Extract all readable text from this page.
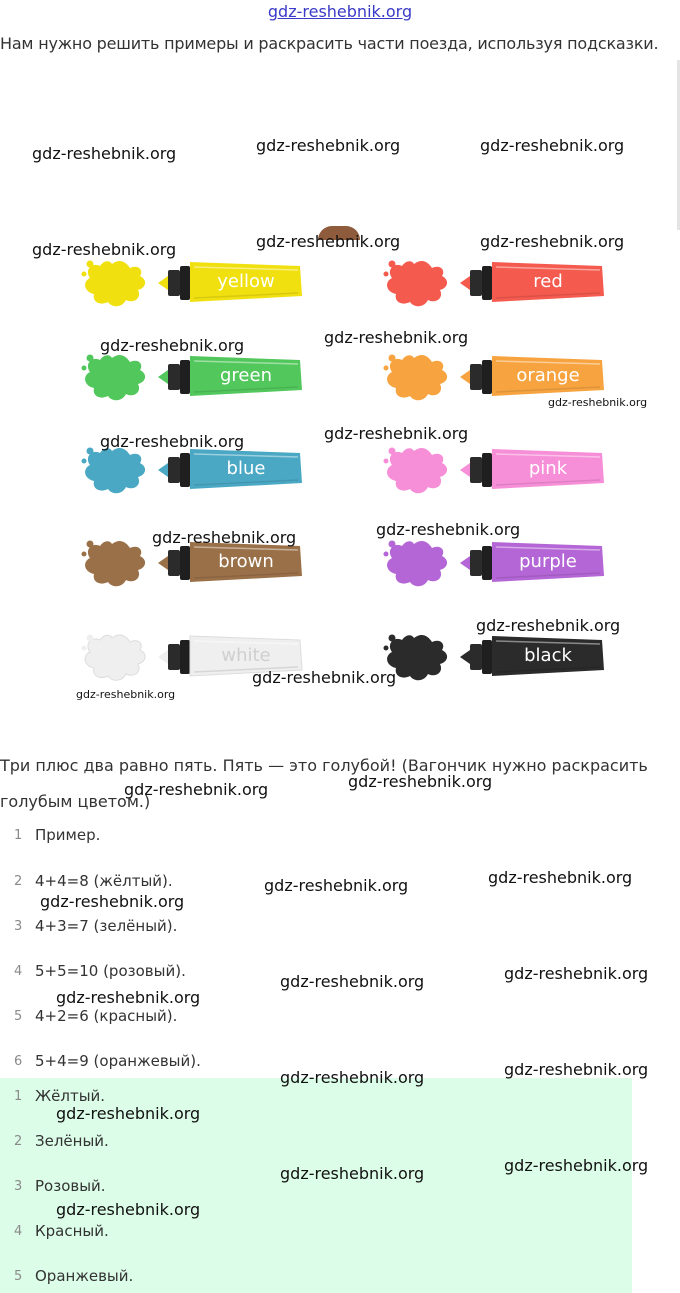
gdz-reshebnik.org
Нам нужно решить примеры и раскрасить части поезда, используя подсказки.
yellow	red
green	orange
blue	pink
brown	purple
white	black
Три плюс два равно пять. Пять — это голубой! (Вагончик нужно раскрасить
голубым цветом.)
1 Пример.
2 4+4=8 (жёлтый).
3 4+3=7 (зелёный).
4 5+5=10 (розовый).
5 4+2=6 (красный).
6 5+4=9 (оранжевый).
1 Жёлтый.
2 Зелёный.
3 Розовый.
4 Красный.
5 Оранжевый.
gdz-reshebnik.org	gdz-reshebnik.org	gdz-reshebnik.org
gdz-reshebnik.org	gdz-reshebnik.org	gdz-reshebnik.org
gdz-reshebnik.org	gdz-reshebnik.org
gdz-reshebnik.org
gdz-reshebnik.org	gdz-reshebnik.org
gdz-reshebnik.org	gdz-reshebnik.org
gdz-reshebnik.org
gdz-reshebnik.org
gdz-reshebnik.org
gdz-reshebnik.org	gdz-reshebnik.org
gdz-reshebnik.org
gdz-reshebnik.org
gdz-reshebnik.org
gdz-reshebnik.org
gdz-reshebnik.org
gdz-reshebnik.org
gdz-reshebnik.org
gdz-reshebnik.org
gdz-reshebnik.org
gdz-reshebnik.org
gdz-reshebnik.org
gdz-reshebnik.org
